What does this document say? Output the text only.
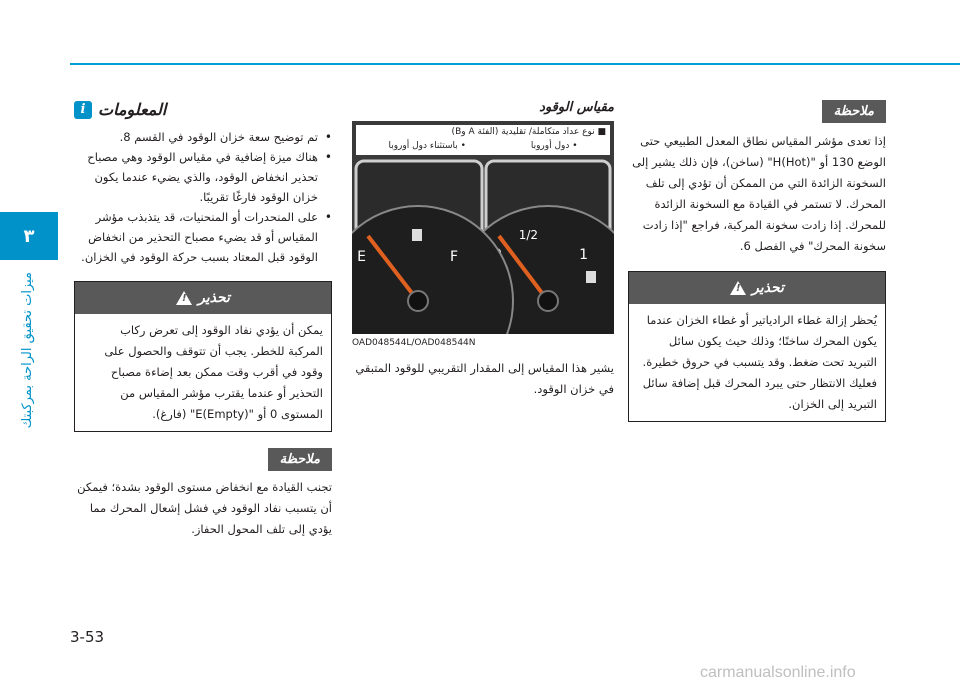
٣
ميزات تحقيق الراحة بمركبتك
i المعلومات
• تم توضيح سعة خزان الوقود في القسم 8.
• هناك ميزة إضافية في مقياس الوقود وهي مصباح تحذير انخفاض الوقود، والذي يضيء عندما يكون خزان الوقود فارغًا تقريبًا.
• على المنحدرات أو المنحنيات، قد يتذبذب مؤشر المقياس أو قد يضيء مصباح التحذير من انخفاض الوقود قبل المعتاد بسبب حركة الوقود في الخزان.
!
تحذير
يمكن أن يؤدي نفاد الوقود إلى تعرض ركاب المركبة للخطر. يجب أن تتوقف والحصول على وقود في أقرب وقت ممكن بعد إضاءة مصباح التحذير أو عندما يقترب مؤشر المقياس من المستوى 0 أو "(Empty)E" (فارغ).
ملاحظة
تجنب القيادة مع انخفاض مستوى الوقود بشدة؛ فيمكن أن يتسبب نفاد الوقود في فشل إشعال المحرك مما يؤدي إلى تلف المحول الحفاز.
مقياس الوقود
■ نوع عداد متكاملة/ تقليدية (الفئة A وB)
• دول أوروبا
• باستثناء دول أوروبا
1/2
1
E	F
OAD048544L/OAD048544N
يشير هذا المقياس إلى المقدار التقريبي للوقود المتبقي في خزان الوقود.
ملاحظة
إذا تعدى مؤشر المقياس نطاق المعدل الطبيعي حتى الوضع 130 أو "(Hot)H" (ساخن)، فإن ذلك يشير إلى السخونة الزائدة التي من الممكن أن تؤدي إلى تلف المحرك. لا تستمر في القيادة مع السخونة الزائدة للمحرك. إذا زادت سخونة المركبة، فراجع "إذا زادت سخونة المحرك" في الفصل 6.
!
تحذير
يُحظر إزالة غطاء الرادياتير أو غطاء الخزان عندما يكون المحرك ساخنًا؛ وذلك حيث يكون سائل التبريد تحت ضغط. وقد يتسبب في حروق خطيرة. فعليك الانتظار حتى يبرد المحرك قبل إضافة سائل التبريد إلى الخزان.
3-53
carmanualsonline.info
